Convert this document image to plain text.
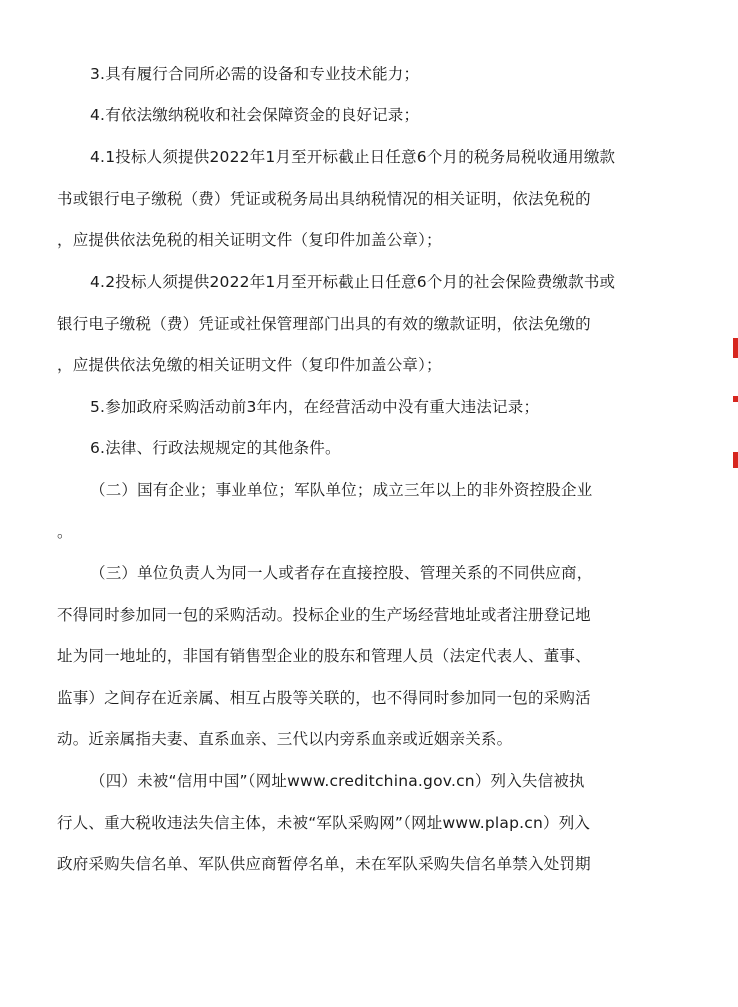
3.具有履行合同所必需的设备和专业技术能力；
4.有依法缴纳税收和社会保障资金的良好记录；
4.1投标人须提供2022年1月至开标截止日任意6个月的税务局税收通用缴款
书或银行电子缴税（费）凭证或税务局出具纳税情况的相关证明，依法免税的
，应提供依法免税的相关证明文件（复印件加盖公章）；
4.2投标人须提供2022年1月至开标截止日任意6个月的社会保险费缴款书或
银行电子缴税（费）凭证或社保管理部门出具的有效的缴款证明，依法免缴的
，应提供依法免缴的相关证明文件（复印件加盖公章）；
5.参加政府采购活动前3年内，在经营活动中没有重大违法记录；
6.法律、行政法规规定的其他条件。
（二）国有企业；事业单位；军队单位；成立三年以上的非外资控股企业
。
（三）单位负责人为同一人或者存在直接控股、管理关系的不同供应商，
不得同时参加同一包的采购活动。投标企业的生产场经营地址或者注册登记地
址为同一地址的，非国有销售型企业的股东和管理人员（法定代表人、董事、
监事）之间存在近亲属、相互占股等关联的，也不得同时参加同一包的采购活
动。近亲属指夫妻、直系血亲、三代以内旁系血亲或近姻亲关系。
（四）未被“信用中国”（网址www.creditchina.gov.cn）列入失信被执
行人、重大税收违法失信主体，未被“军队采购网”（网址www.plap.cn）列入
政府采购失信名单、军队供应商暂停名单，未在军队采购失信名单禁入处罚期
